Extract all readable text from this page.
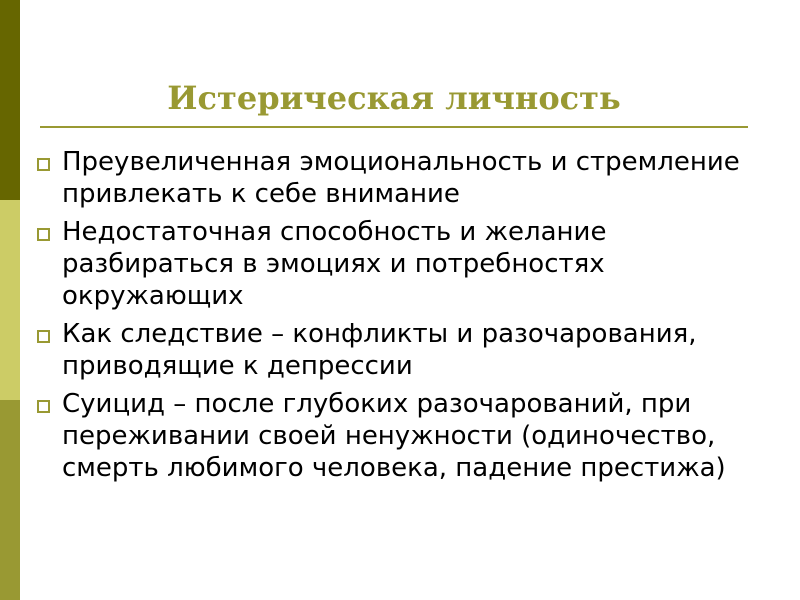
Истерическая личность
Преувеличенная эмоциональность и стремление привлекать к себе внимание
Недостаточная способность и желание разбираться в эмоциях и потребностях окружающих
Как следствие – конфликты и разочарования, приводящие к депрессии
Суицид – после глубоких разочарований, при переживании своей ненужности (одиночество, смерть любимого человека, падение престижа)
